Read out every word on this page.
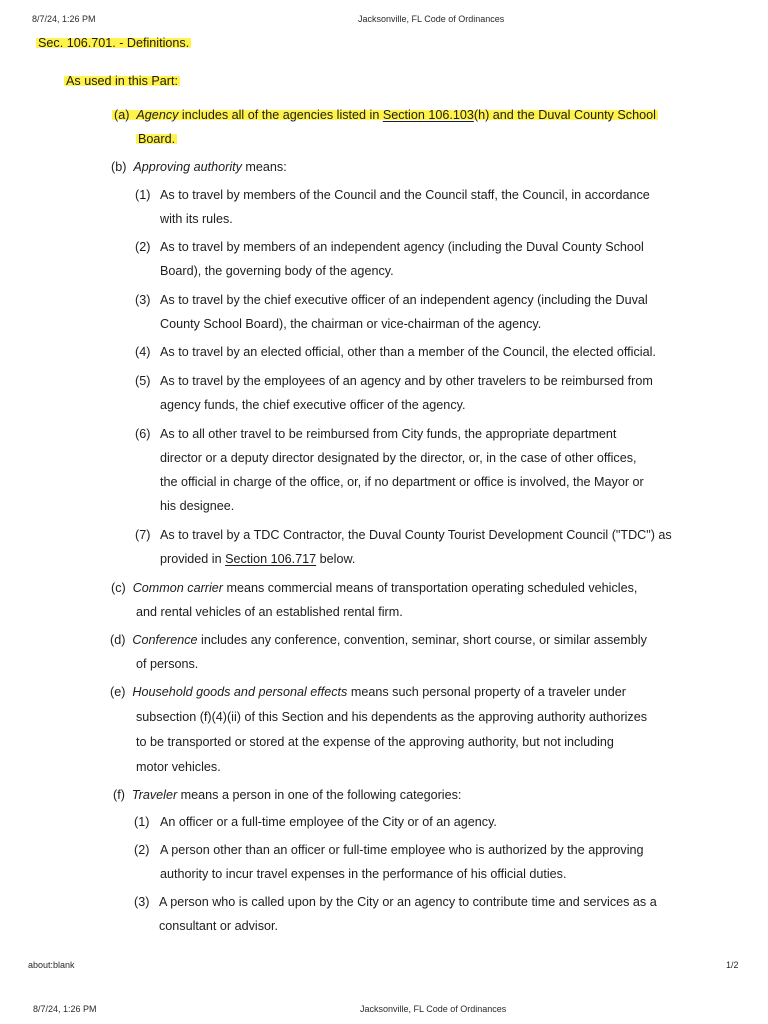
8/7/24, 1:26 PM	Jacksonville, FL Code of Ordinances
Sec. 106.701. - Definitions.
As used in this Part:
(a) Agency includes all of the agencies listed in Section 106.103(h) and the Duval County School
Board.
(b) Approving authority means:
(1) As to travel by members of the Council and the Council staff, the Council, in accordance
with its rules.
(2) As to travel by members of an independent agency (including the Duval County School
Board), the governing body of the agency.
(3) As to travel by the chief executive officer of an independent agency (including the Duval
County School Board), the chairman or vice-chairman of the agency.
(4) As to travel by an elected official, other than a member of the Council, the elected official.
(5) As to travel by the employees of an agency and by other travelers to be reimbursed from
agency funds, the chief executive officer of the agency.
(6) As to all other travel to be reimbursed from City funds, the appropriate department
director or a deputy director designated by the director, or, in the case of other offices,
the official in charge of the office, or, if no department or office is involved, the Mayor or
his designee.
(7) As to travel by a TDC Contractor, the Duval County Tourist Development Council ("TDC") as
provided in Section 106.717 below.
(c) Common carrier means commercial means of transportation operating scheduled vehicles,
and rental vehicles of an established rental firm.
(d) Conference includes any conference, convention, seminar, short course, or similar assembly
of persons.
(e) Household goods and personal effects means such personal property of a traveler under
subsection (f)(4)(ii) of this Section and his dependents as the approving authority authorizes
to be transported or stored at the expense of the approving authority, but not including
motor vehicles.
(f) Traveler means a person in one of the following categories:
(1) An officer or a full-time employee of the City or of an agency.
(2) A person other than an officer or full-time employee who is authorized by the approving
authority to incur travel expenses in the performance of his official duties.
(3) A person who is called upon by the City or an agency to contribute time and services as a
consultant or advisor.
about:blank	1/2
8/7/24, 1:26 PM	Jacksonville, FL Code of Ordinances
